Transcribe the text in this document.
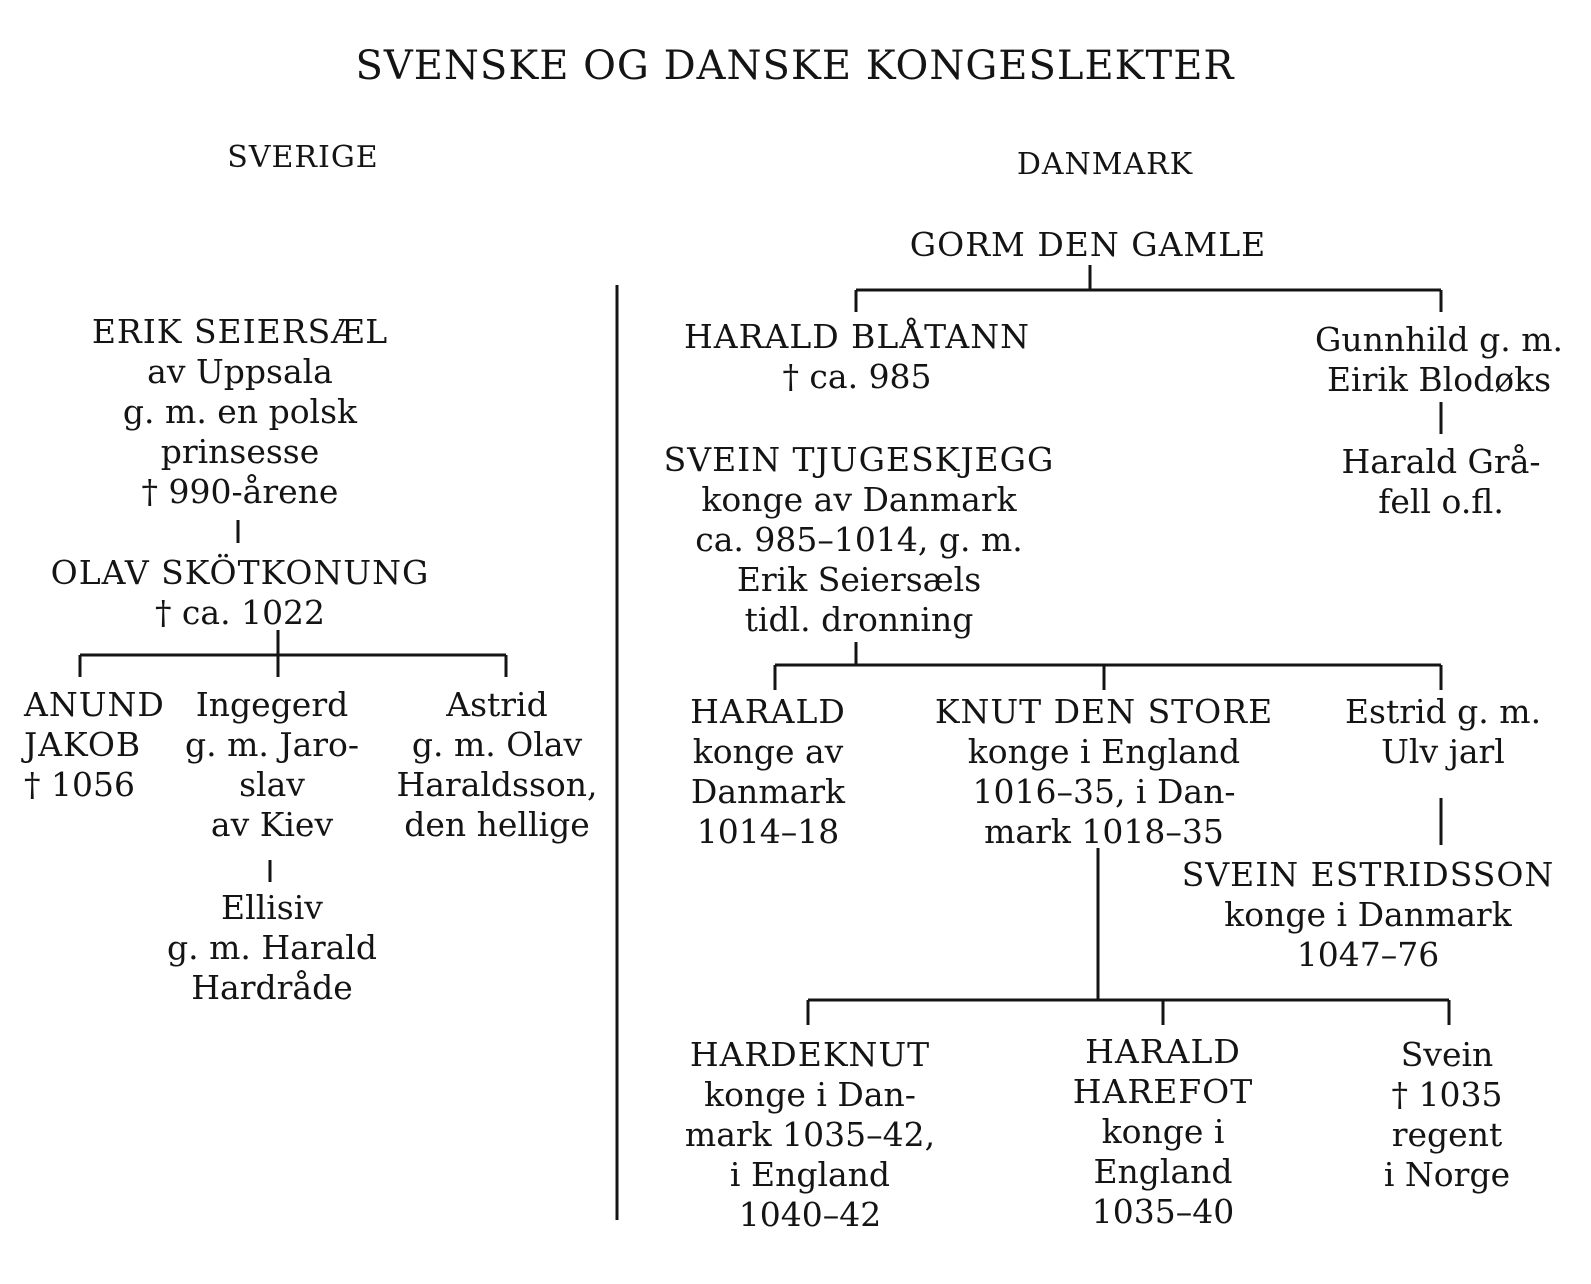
SVENSKE OG DANSKE KONGESLEKTER
SVERIGE	DANMARK
ERIK SEIERSÆL
av Uppsala
g. m. en polsk
prinsesse
† 990-årene
OLAV SKÖTKONUNG
† ca. 1022
ANUND
JAKOB
† 1056
Ingegerd
g. m. Jaro-
slav
av Kiev
Astrid
g. m. Olav
Haraldsson,
den hellige
Ellisiv
g. m. Harald
Hardråde
GORM DEN GAMLE
HARALD BLÅTANN
† ca. 985
Gunnhild g. m.
Eirik Blodøks
Harald Grå-
fell o.fl.
SVEIN TJUGESKJEGG
konge av Danmark
ca. 985–1014, g. m.
Erik Seiersæls
tidl. dronning
HARALD
konge av
Danmark
1014–18
KNUT DEN STORE
konge i England
1016–35, i Dan-
mark 1018–35
Estrid g. m.
Ulv jarl
SVEIN ESTRIDSSON
konge i Danmark
1047–76
HARDEKNUT
konge i Dan-
mark 1035–42,
i England
1040–42
HARALD
HAREFOT
konge i
England
1035–40
Svein
† 1035
regent
i Norge
